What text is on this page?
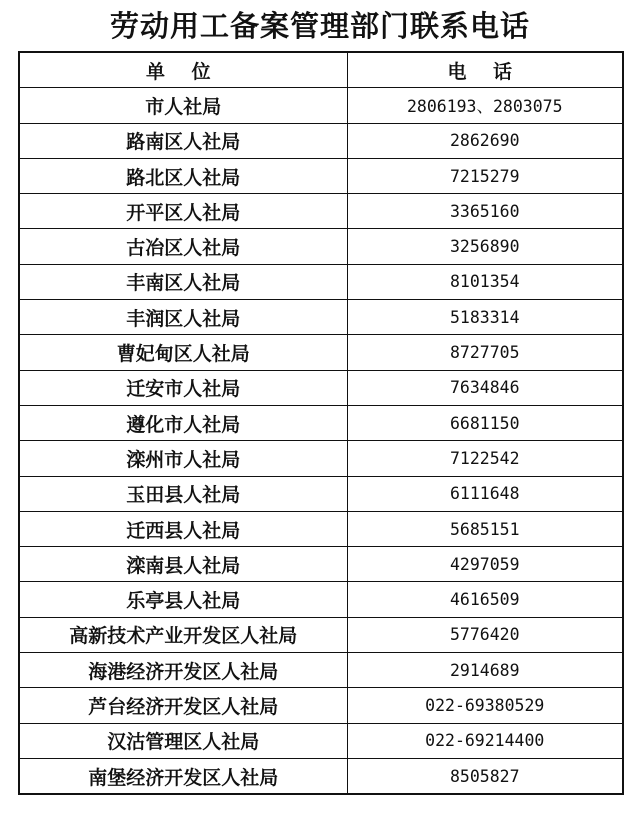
劳动用工备案管理部门联系电话
单 位	电 话
市人社局	2806193、2803075
路南区人社局	2862690
路北区人社局	7215279
开平区人社局	3365160
古冶区人社局	3256890
丰南区人社局	8101354
丰润区人社局	5183314
曹妃甸区人社局	8727705
迁安市人社局	7634846
遵化市人社局	6681150
滦州市人社局	7122542
玉田县人社局	6111648
迁西县人社局	5685151
滦南县人社局	4297059
乐亭县人社局	4616509
高新技术产业开发区人社局	5776420
海港经济开发区人社局	2914689
芦台经济开发区人社局	022-69380529
汉沽管理区人社局	022-69214400
南堡经济开发区人社局	8505827
